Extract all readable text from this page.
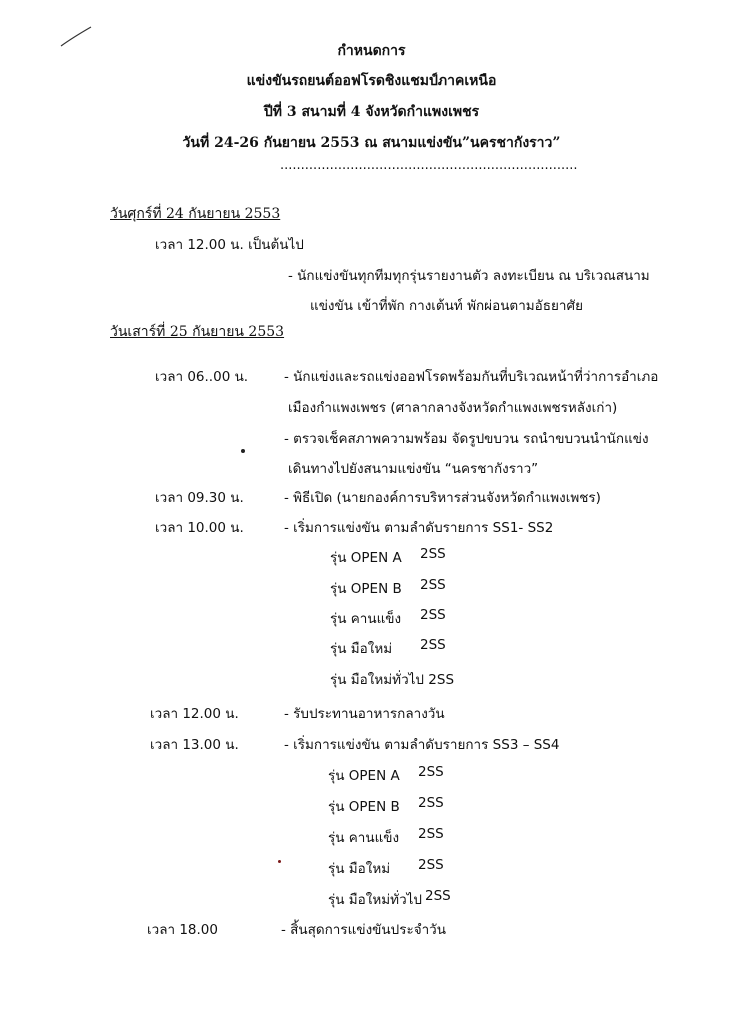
กำหนดการ
แข่งขันรถยนต์ออฟโรดชิงแชมป์ภาคเหนือ
ปีที่ 3 สนามที่ 4 จังหวัดกำแพงเพชร
วันที่ 24-26 กันยายน 2553 ณ สนามแข่งขัน”นครชากังราว”
........................................................................
วันศุกร์ที่ 24 กันยายน 2553
เวลา 12.00 น. เป็นต้นไป
- นักแข่งขันทุกทีมทุกรุ่นรายงานตัว ลงทะเบียน ณ บริเวณสนาม
แข่งขัน เข้าที่พัก กางเต้นท์ พักผ่อนตามอัธยาศัย
วันเสาร์ที่ 25 กันยายน 2553
เวลา 06..00 น.	- นักแข่งและรถแข่งออฟโรดพร้อมกันที่บริเวณหน้าที่ว่าการอำเภอ
เมืองกำแพงเพชร (ศาลากลางจังหวัดกำแพงเพชรหลังเก่า)
- ตรวจเช็คสภาพความพร้อม จัดรูปขบวน รถนำขบวนนำนักแข่ง
เดินทางไปยังสนามแข่งขัน “นครชากังราว”
เวลา 09.30 น.	- พิธีเปิด (นายกองค์การบริหารส่วนจังหวัดกำแพงเพชร)
เวลา 10.00 น.	- เริ่มการแข่งขัน ตามลำดับรายการ SS1- SS2
รุ่น OPEN A 2SS
รุ่น OPEN B 2SS
รุ่น คานแข็ง 2SS
รุ่น มือใหม่ 2SS
รุ่น มือใหม่ทั่วไป 2SS
เวลา 12.00 น.	- รับประทานอาหารกลางวัน
เวลา 13.00 น.	- เริ่มการแข่งขัน ตามลำดับรายการ SS3 – SS4
รุ่น OPEN A 2SS
รุ่น OPEN B 2SS
รุ่น คานแข็ง 2SS
รุ่น มือใหม่ 2SS
รุ่น มือใหม่ทั่วไป 2SS
เวลา 18.00	- สิ้นสุดการแข่งขันประจำวัน
